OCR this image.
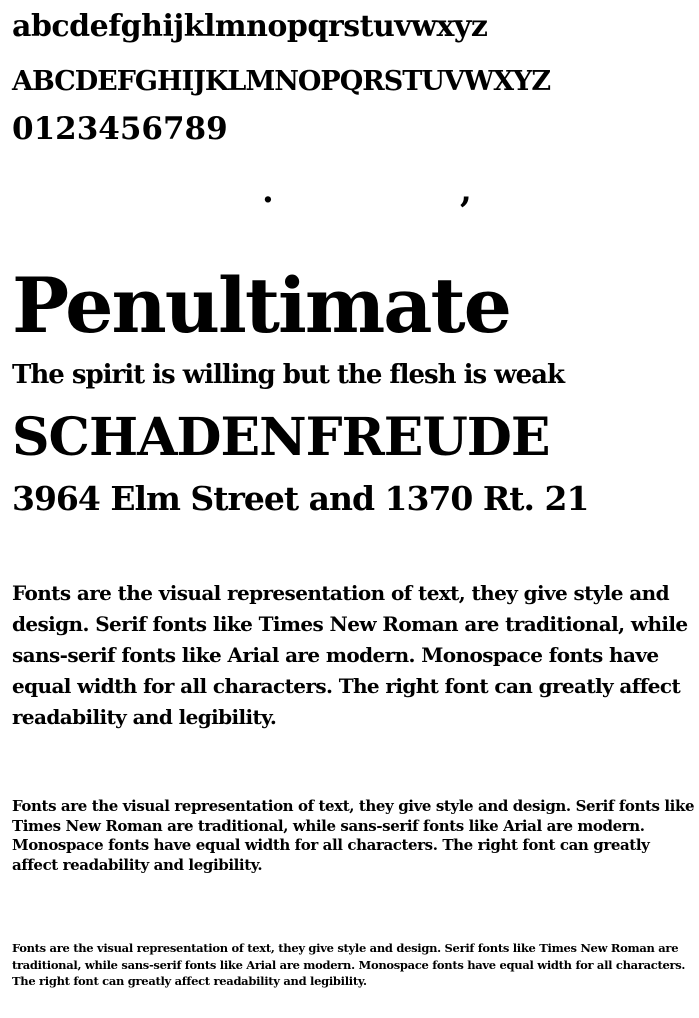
abcdefghijklmnopqrstuvwxyz
ABCDEFGHIJKLMNOPQRSTUVWXYZ
0123456789
.	,
Penultimate
The spirit is willing but the flesh is weak
SCHADENFREUDE
3964 Elm Street and 1370 Rt. 21

Fonts are the visual representation of text, they give style and design. Serif fonts like Times New Roman are traditional, while sans-serif fonts like Arial are modern. Monospace fonts have equal width for all characters. The right font can greatly affect readability and legibility.

Fonts are the visual representation of text, they give style and design. Serif fonts like Times New Roman are traditional, while sans-serif fonts like Arial are modern. Monospace fonts have equal width for all characters. The right font can greatly affect readability and legibility.

Fonts are the visual representation of text, they give style and design. Serif fonts like Times New Roman are traditional, while sans-serif fonts like Arial are modern. Monospace fonts have equal width for all characters. The right font can greatly affect readability and legibility.
